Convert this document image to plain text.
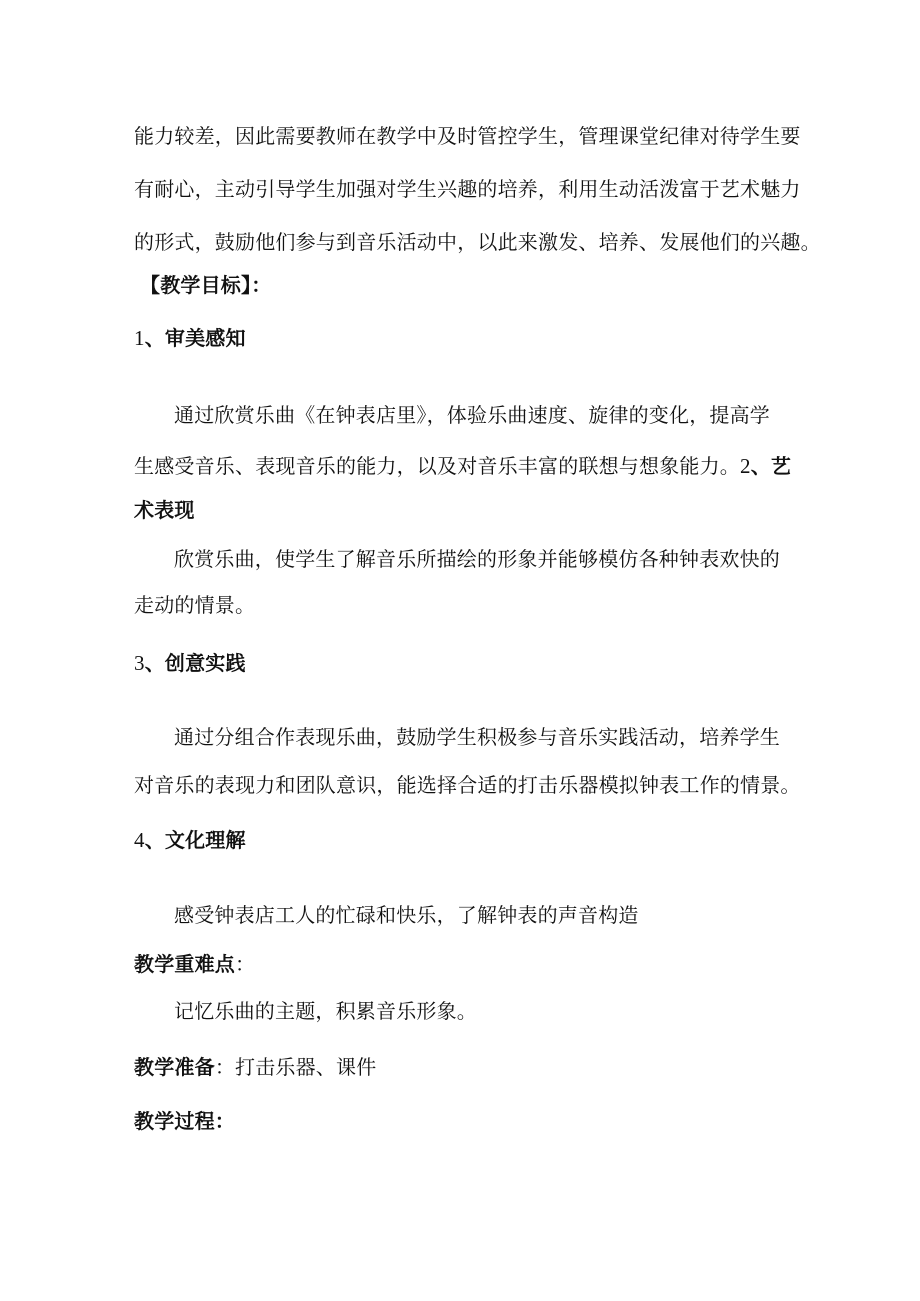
能力较差，因此需要教师在教学中及时管控学生，管理课堂纪律对待学生要
有耐心，主动引导学生加强对学生兴趣的培养，利用生动活泼富于艺术魅力
的形式，鼓励他们参与到音乐活动中，以此来激发、培养、发展他们的兴趣。
【教学目标】：
1、审美感知
通过欣赏乐曲《在钟表店里》，体验乐曲速度、旋律的变化，提高学
生感受音乐、表现音乐的能力，以及对音乐丰富的联想与想象能力。2、艺
术表现
欣赏乐曲，使学生了解音乐所描绘的形象并能够模仿各种钟表欢快的
走动的情景。
3、创意实践
通过分组合作表现乐曲，鼓励学生积极参与音乐实践活动，培养学生
对音乐的表现力和团队意识，能选择合适的打击乐器模拟钟表工作的情景。
4、文化理解
感受钟表店工人的忙碌和快乐，了解钟表的声音构造
教学重难点：
记忆乐曲的主题，积累音乐形象。
教学准备：打击乐器、课件
教学过程：
